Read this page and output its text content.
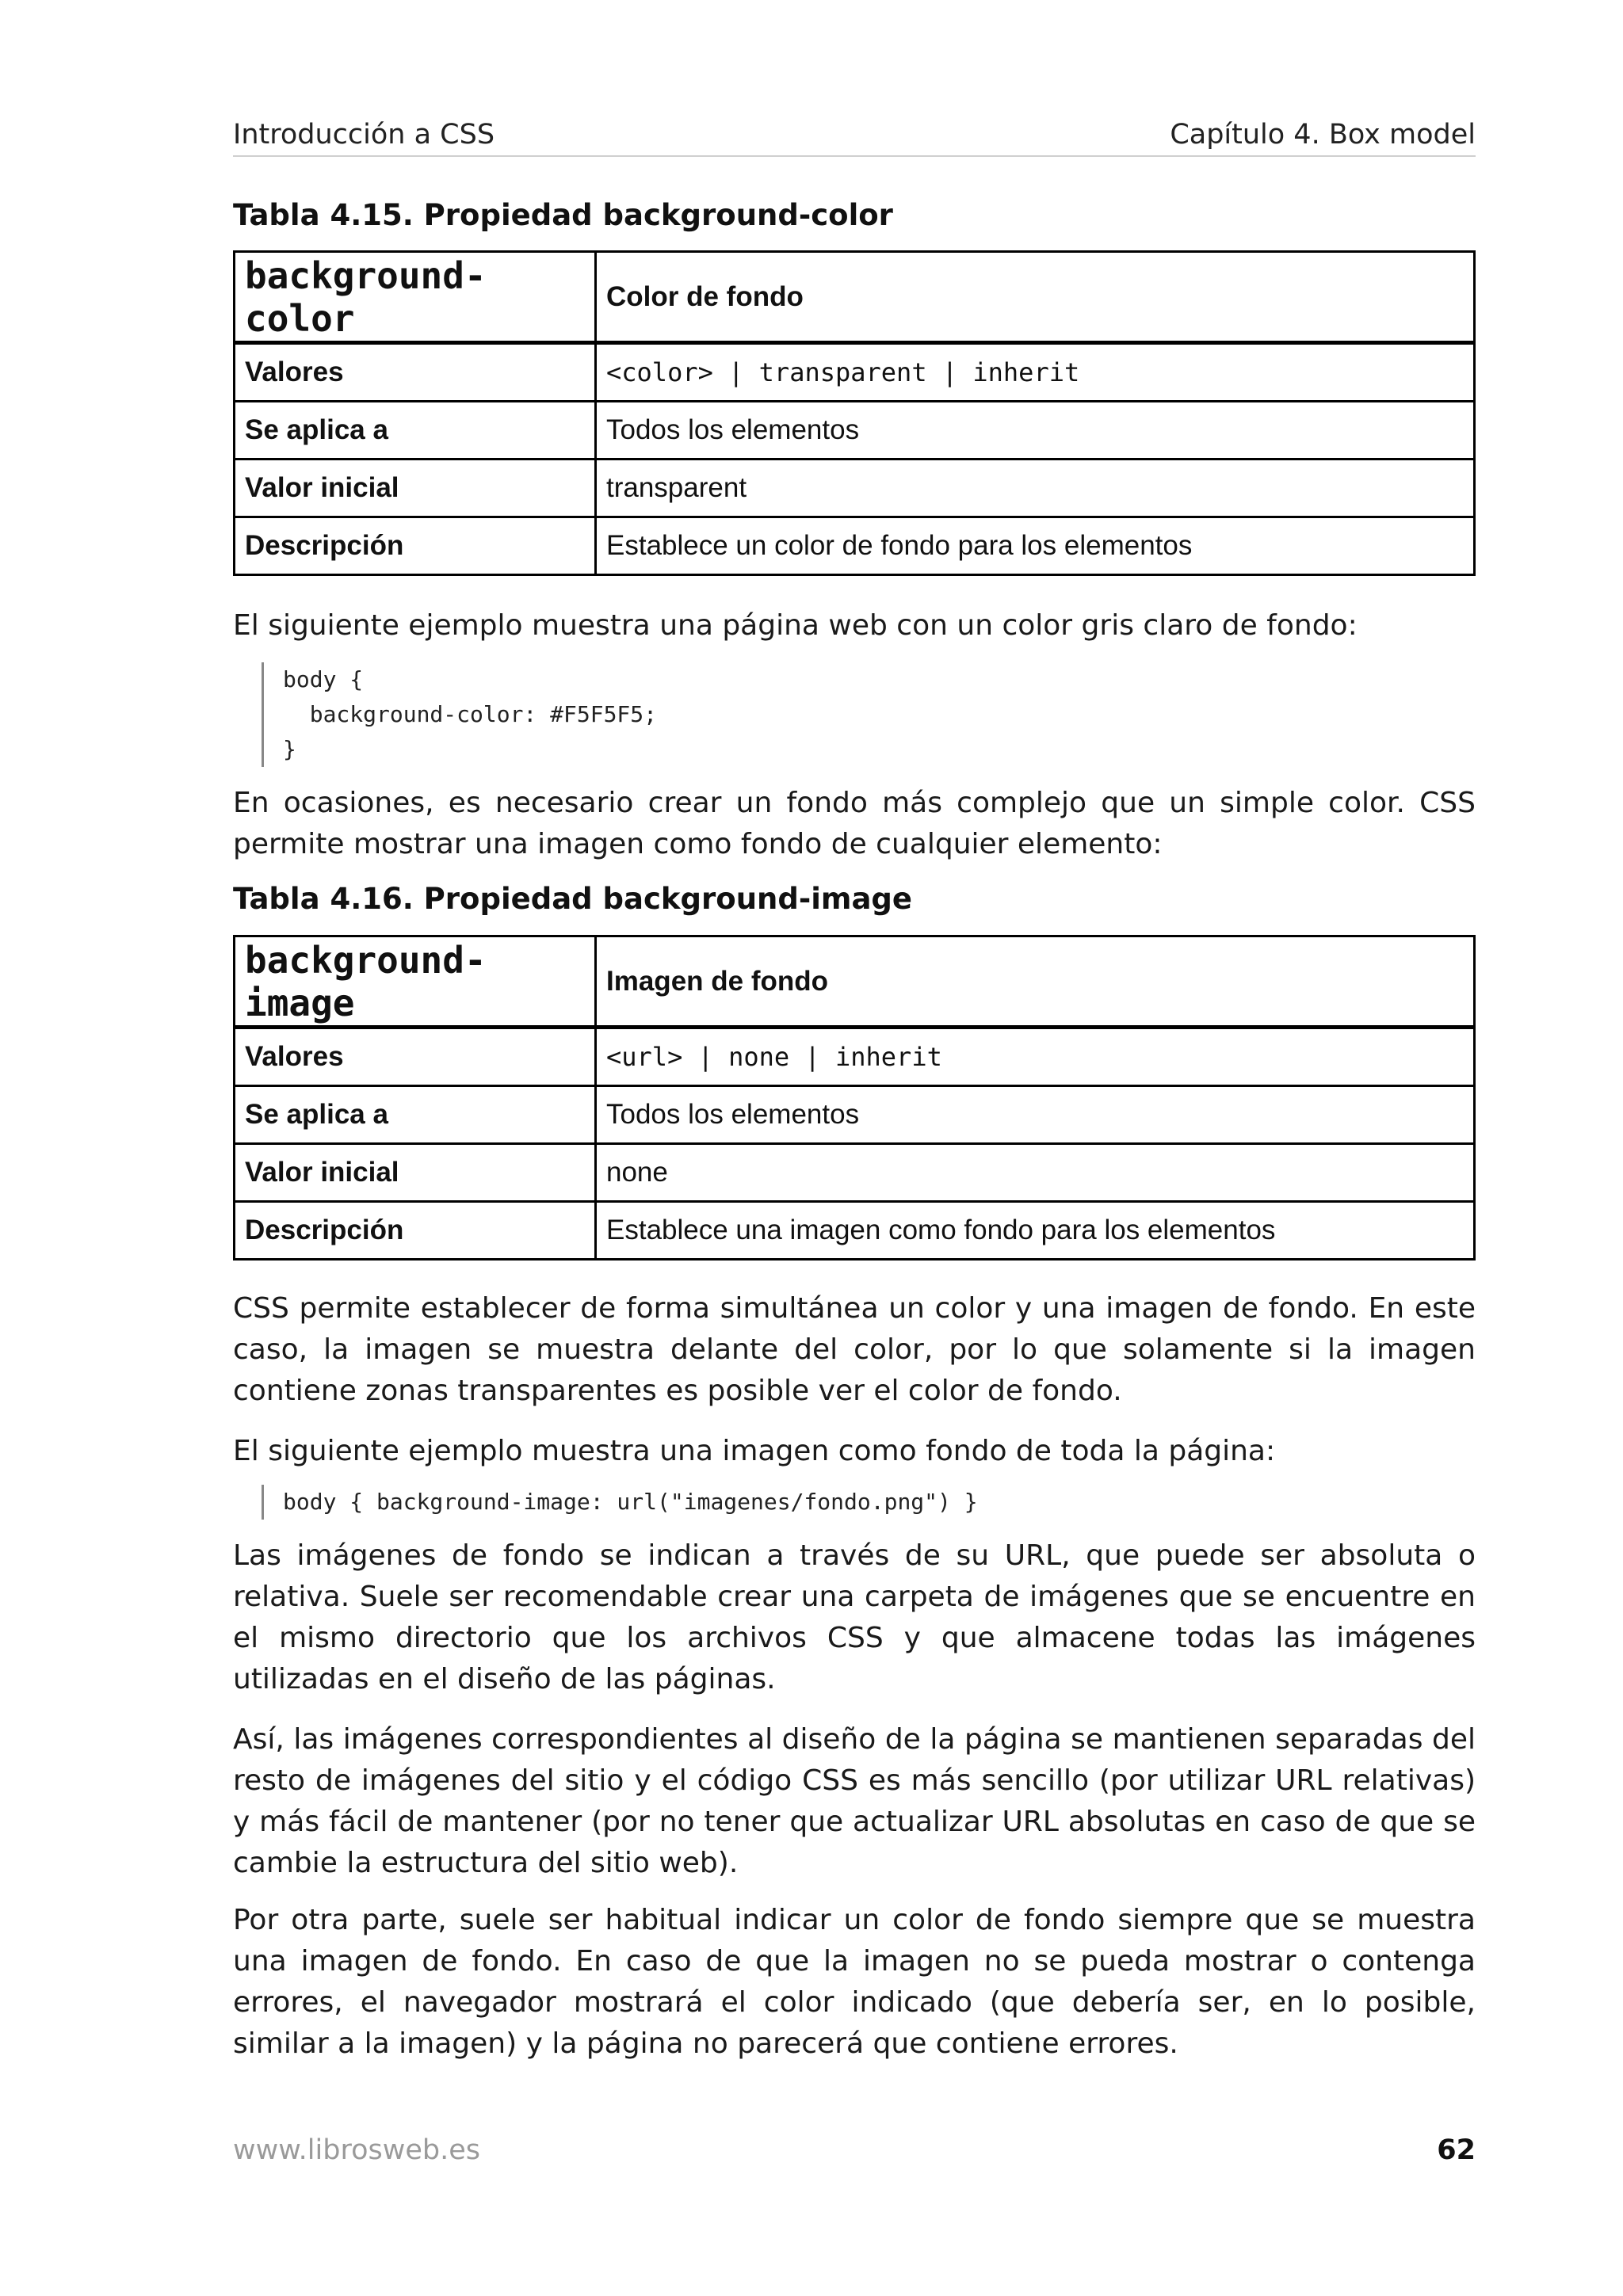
Introducción a CSS	Capítulo 4. Box model
Tabla 4.15. Propiedad background-color
background-color	Color de fondo
Valores	<color> | transparent | inherit
Se aplica a	Todos los elementos
Valor inicial	transparent
Descripción	Establece un color de fondo para los elementos

El siguiente ejemplo muestra una página web con un color gris claro de fondo:

body {
background-color: #F5F5F5;
}

En ocasiones, es necesario crear un fondo más complejo que un simple color. CSS permite mostrar una imagen como fondo de cualquier elemento:

Tabla 4.16. Propiedad background-image
background-image	Imagen de fondo
Valores	<url> | none | inherit
Se aplica a	Todos los elementos
Valor inicial	none
Descripción	Establece una imagen como fondo para los elementos

CSS permite establecer de forma simultánea un color y una imagen de fondo. En este caso, la imagen se muestra delante del color, por lo que solamente si la imagen contiene zonas transparentes es posible ver el color de fondo.

El siguiente ejemplo muestra una imagen como fondo de toda la página:

body { background-image: url("imagenes/fondo.png") }

Las imágenes de fondo se indican a través de su URL, que puede ser absoluta o relativa. Suele ser recomendable crear una carpeta de imágenes que se encuentre en el mismo directorio que los archivos CSS y que almacene todas las imágenes utilizadas en el diseño de las páginas.

Así, las imágenes correspondientes al diseño de la página se mantienen separadas del resto de imágenes del sitio y el código CSS es más sencillo (por utilizar URL relativas) y más fácil de mantener (por no tener que actualizar URL absolutas en caso de que se cambie la estructura del sitio web).

Por otra parte, suele ser habitual indicar un color de fondo siempre que se muestra una imagen de fondo. En caso de que la imagen no se pueda mostrar o contenga errores, el navegador mostrará el color indicado (que debería ser, en lo posible, similar a la imagen) y la página no parecerá que contiene errores.

www.librosweb.es	62
